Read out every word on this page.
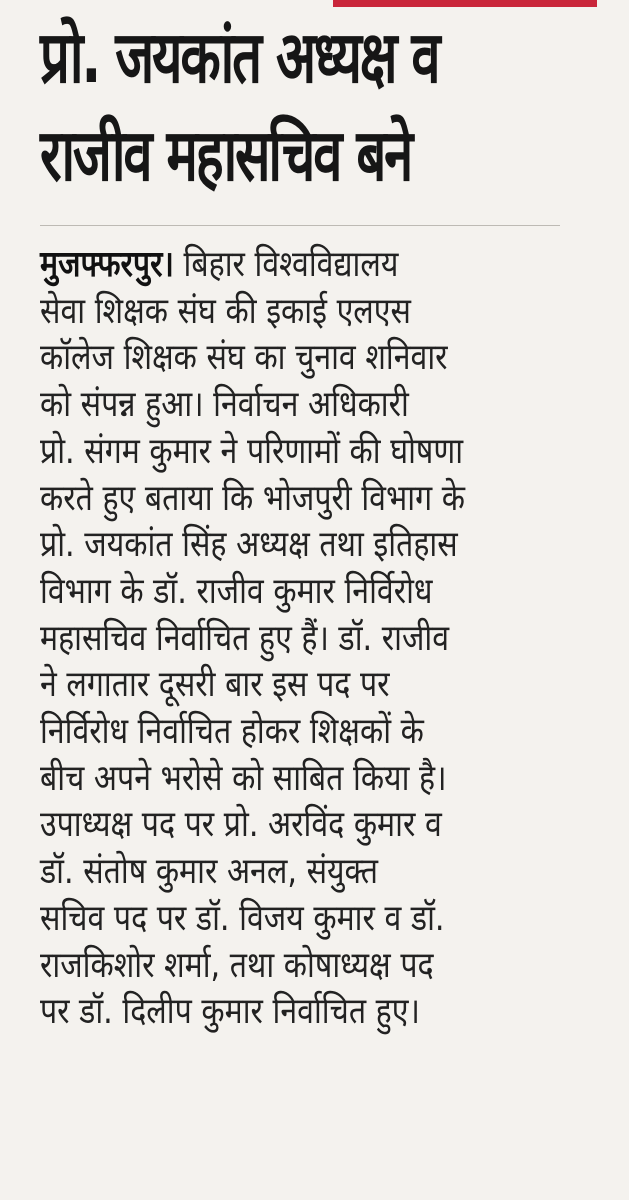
प्रो. जयकांत अध्यक्ष व
राजीव महासचिव बने
मुजफ्फरपुर। बिहार विश्वविद्यालय
सेवा शिक्षक संघ की इकाई एलएस
कॉलेज शिक्षक संघ का चुनाव शनिवार
को संपन्न हुआ। निर्वाचन अधिकारी
प्रो. संगम कुमार ने परिणामों की घोषणा
करते हुए बताया कि भोजपुरी विभाग के
प्रो. जयकांत सिंह अध्यक्ष तथा इतिहास
विभाग के डॉ. राजीव कुमार निर्विरोध
महासचिव निर्वाचित हुए हैं। डॉ. राजीव
ने लगातार दूसरी बार इस पद पर
निर्विरोध निर्वाचित होकर शिक्षकों के
बीच अपने भरोसे को साबित किया है।
उपाध्यक्ष पद पर प्रो. अरविंद कुमार व
डॉ. संतोष कुमार अनल, संयुक्त
सचिव पद पर डॉ. विजय कुमार व डॉ.
राजकिशोर शर्मा, तथा कोषाध्यक्ष पद
पर डॉ. दिलीप कुमार निर्वाचित हुए।
